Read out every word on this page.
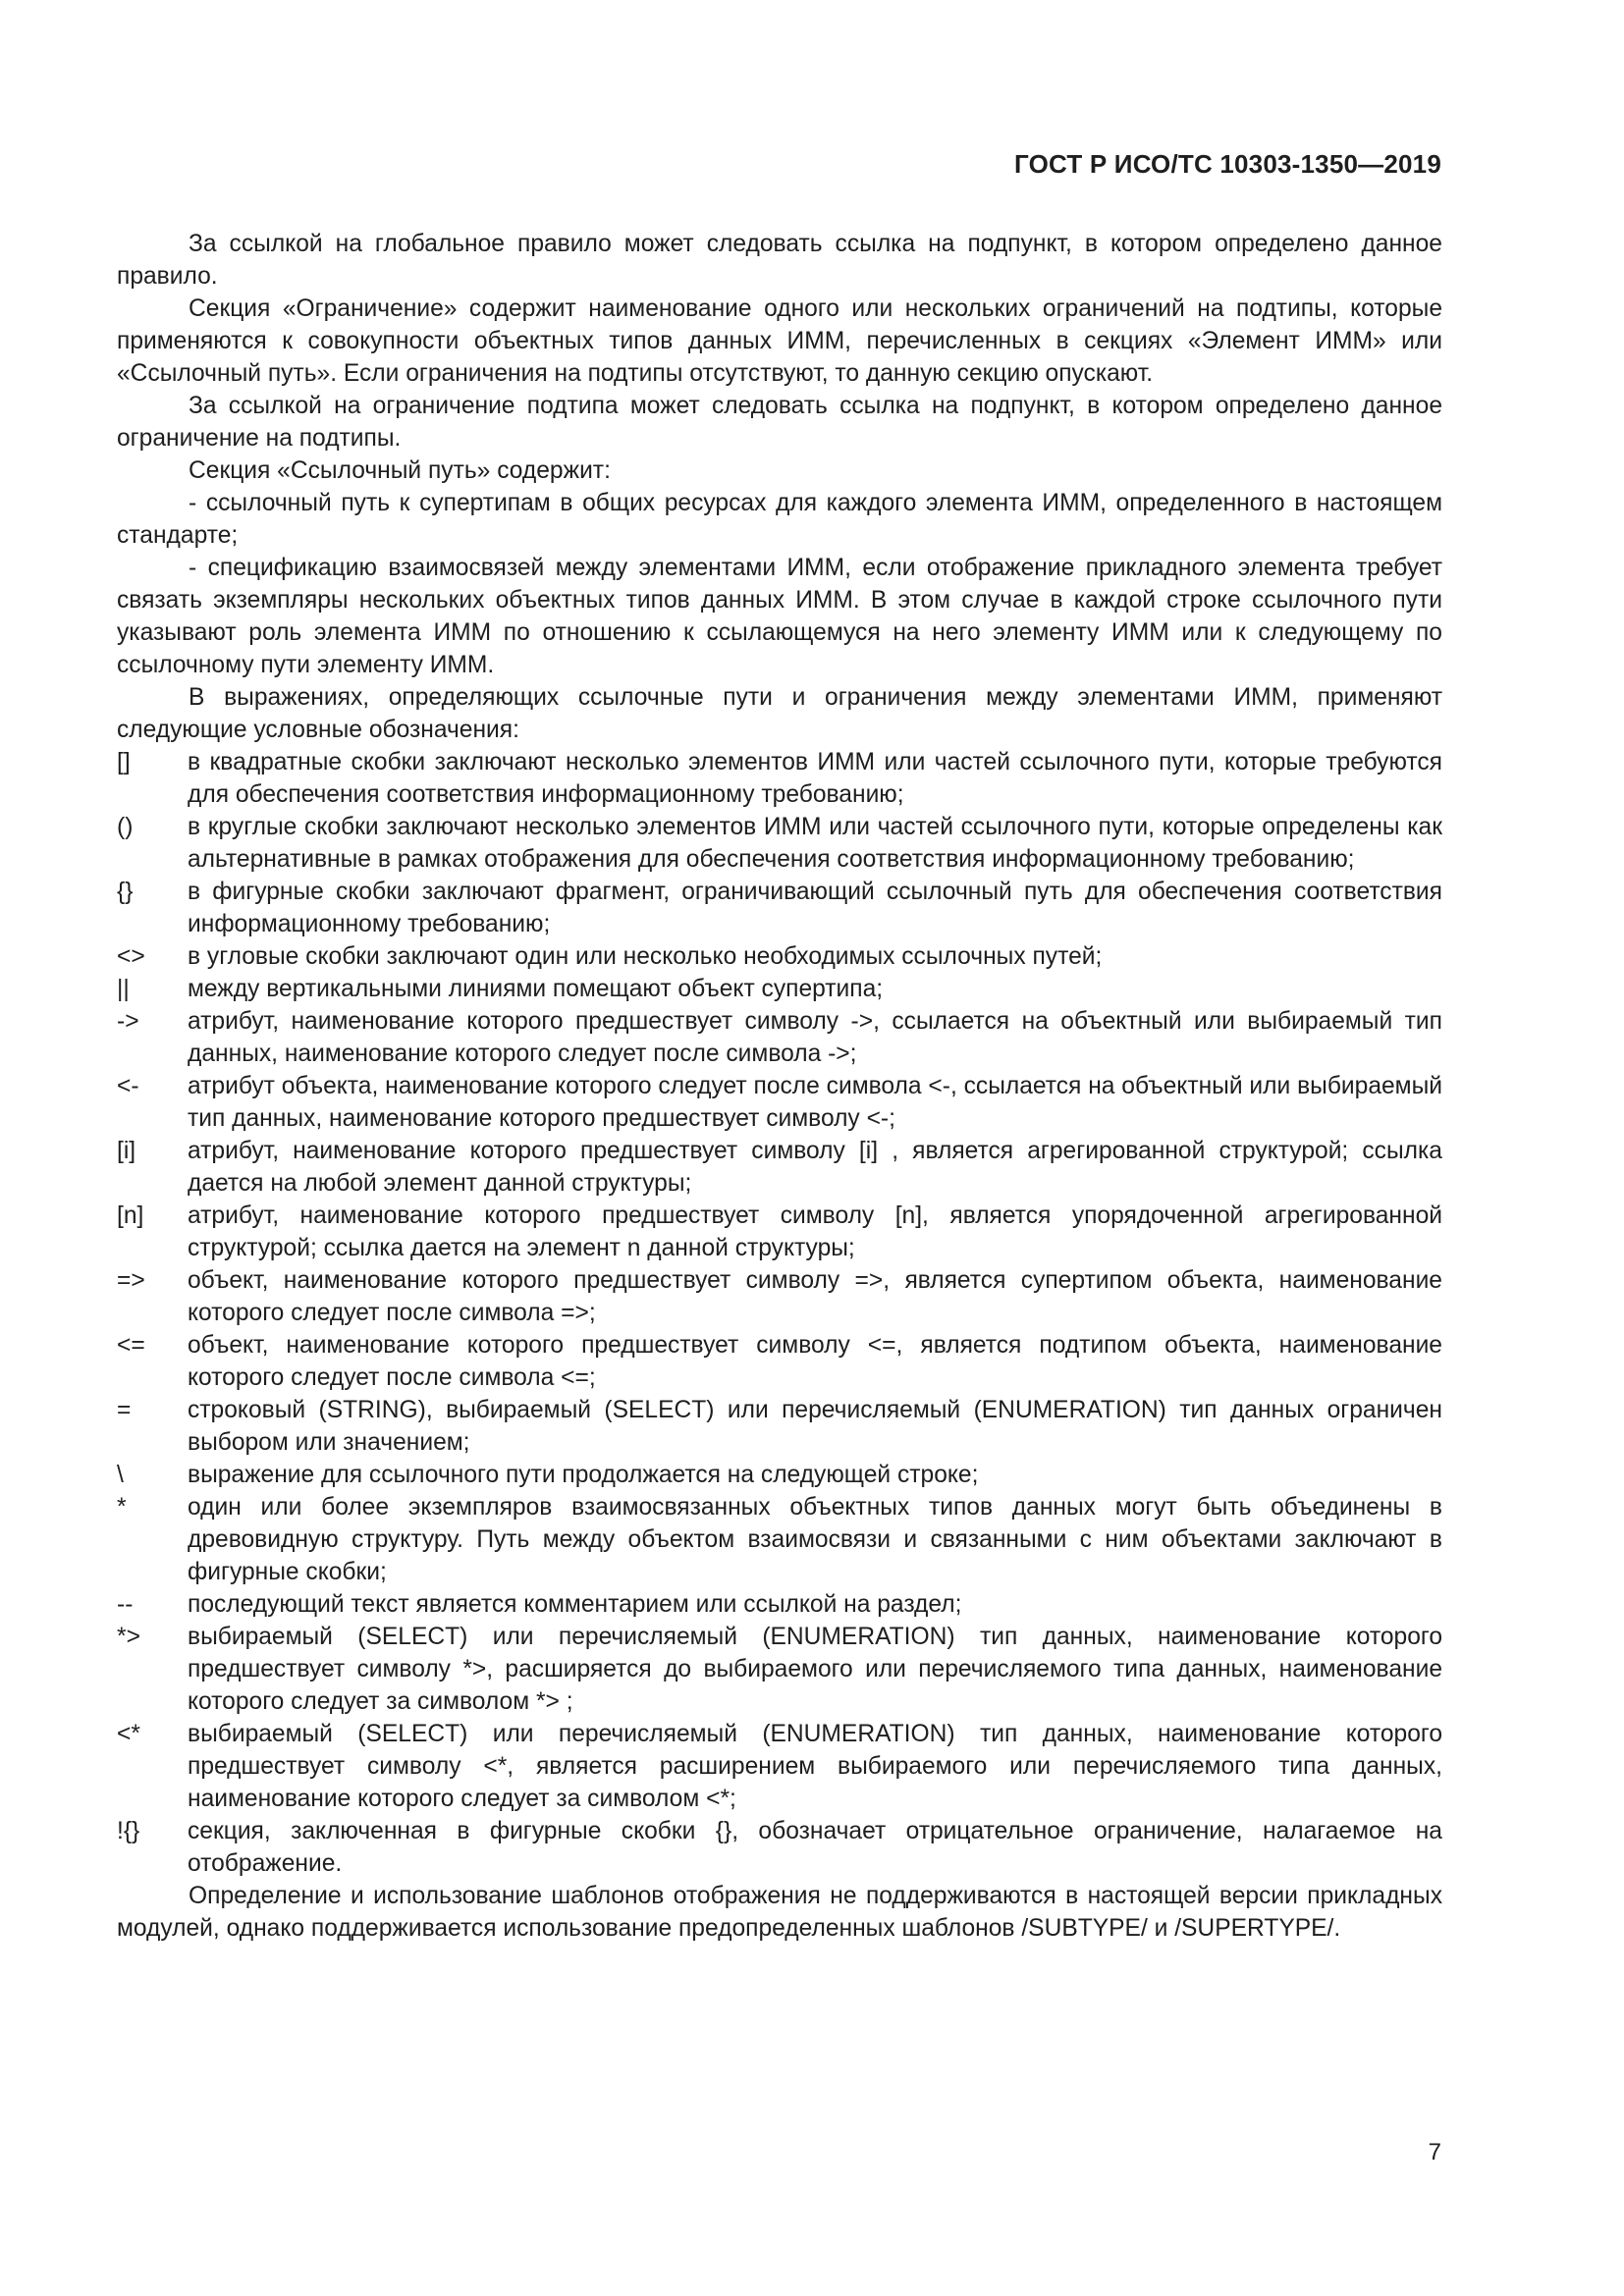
ГОСТ Р ИСО/ТС 10303-1350—2019

За ссылкой на глобальное правило может следовать ссылка на подпункт, в котором определено данное правило.

Секция «Ограничение» содержит наименование одного или нескольких ограничений на подтипы, которые применяются к совокупности объектных типов данных ИММ, перечисленных в секциях «Элемент ИММ» или «Ссылочный путь». Если ограничения на подтипы отсутствуют, то данную секцию опускают.

За ссылкой на ограничение подтипа может следовать ссылка на подпункт, в котором определено данное ограничение на подтипы.

Секция «Ссылочный путь» содержит:

- ссылочный путь к супертипам в общих ресурсах для каждого элемента ИММ, определенного в настоящем стандарте;

- спецификацию взаимосвязей между элементами ИММ, если отображение прикладного элемента требует связать экземпляры нескольких объектных типов данных ИММ. В этом случае в каждой строке ссылочного пути указывают роль элемента ИММ по отношению к ссылающемуся на него элементу ИММ или к следующему по ссылочному пути элементу ИММ.

В выражениях, определяющих ссылочные пути и ограничения между элементами ИММ, применяют следующие условные обозначения:

[]	в квадратные скобки заключают несколько элементов ИММ или частей ссылочного пути, которые требуются для обеспечения соответствия информационному требованию;
()	в круглые скобки заключают несколько элементов ИММ или частей ссылочного пути, которые определены как альтернативные в рамках отображения для обеспечения соответствия информационному требованию;
{}	в фигурные скобки заключают фрагмент, ограничивающий ссылочный путь для обеспечения соответствия информационному требованию;
<>	в угловые скобки заключают один или несколько необходимых ссылочных путей;
||	между вертикальными линиями помещают объект супертипа;
->	атрибут, наименование которого предшествует символу ->, ссылается на объектный или выбираемый тип данных, наименование которого следует после символа ->;
<-	атрибут объекта, наименование которого следует после символа <-, ссылается на объектный или выбираемый тип данных, наименование которого предшествует символу <-;
[i]	атрибут, наименование которого предшествует символу [i] , является агрегированной структурой; ссылка дается на любой элемент данной структуры;
[n]	атрибут, наименование которого предшествует символу [n], является упорядоченной агрегированной структурой; ссылка дается на элемент n данной структуры;
=>	объект, наименование которого предшествует символу =>, является супертипом объекта, наименование которого следует после символа =>;
<=	объект, наименование которого предшествует символу <=, является подтипом объекта, наименование которого следует после символа <=;
=	строковый (STRING), выбираемый (SELECT) или перечисляемый (ENUMERATION) тип данных ограничен выбором или значением;
\	выражение для ссылочного пути продолжается на следующей строке;
*	один или более экземпляров взаимосвязанных объектных типов данных могут быть объединены в древовидную структуру. Путь между объектом взаимосвязи и связанными с ним объектами заключают в фигурные скобки;
--	последующий текст является комментарием или ссылкой на раздел;
*>	выбираемый (SELECT) или перечисляемый (ENUMERATION) тип данных, наименование которого предшествует символу *>, расширяется до выбираемого или перечисляемого типа данных, наименование которого следует за символом *> ;
<*	выбираемый (SELECT) или перечисляемый (ENUMERATION) тип данных, наименование которого предшествует символу <*, является расширением выбираемого или перечисляемого типа данных, наименование которого следует за символом <*;
!{}	секция, заключенная в фигурные скобки {}, обозначает отрицательное ограничение, налагаемое на отображение.

Определение и использование шаблонов отображения не поддерживаются в настоящей версии прикладных модулей, однако поддерживается использование предопределенных шаблонов /SUBTYPE/ и /SUPERTYPE/.

7
